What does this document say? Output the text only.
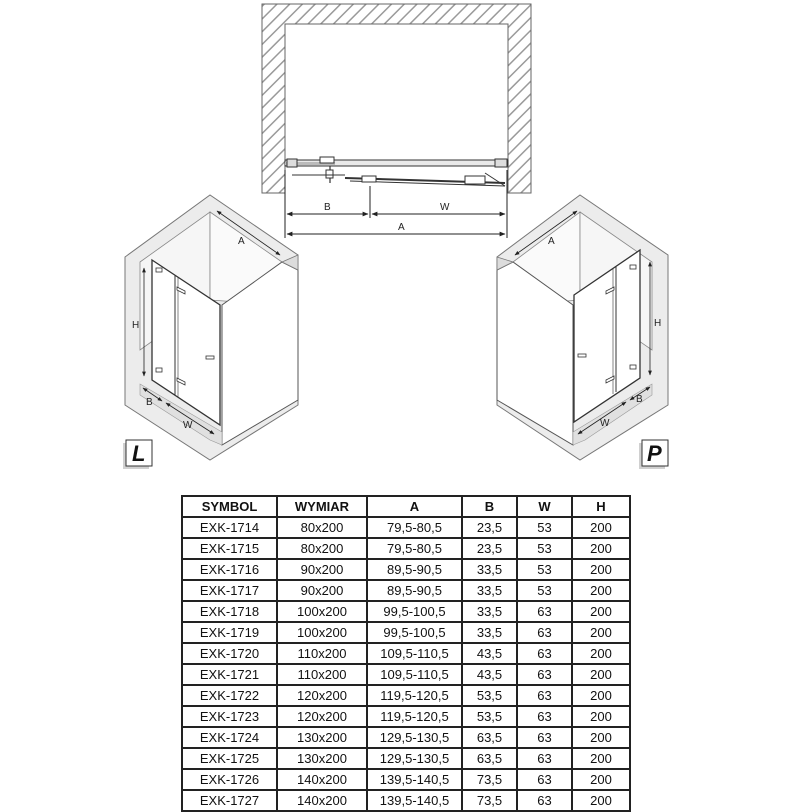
B	W
A
A
H
B
W
L
A
H
B
W
P
SYMBOL	WYMIAR	A	B	W	H
EXK-1714	80x200	79,5-80,5	23,5	53	200
EXK-1715	80x200	79,5-80,5	23,5	53	200
EXK-1716	90x200	89,5-90,5	33,5	53	200
EXK-1717	90x200	89,5-90,5	33,5	53	200
EXK-1718	100x200	99,5-100,5	33,5	63	200
EXK-1719	100x200	99,5-100,5	33,5	63	200
EXK-1720	110x200	109,5-110,5	43,5	63	200
EXK-1721	110x200	109,5-110,5	43,5	63	200
EXK-1722	120x200	119,5-120,5	53,5	63	200
EXK-1723	120x200	119,5-120,5	53,5	63	200
EXK-1724	130x200	129,5-130,5	63,5	63	200
EXK-1725	130x200	129,5-130,5	63,5	63	200
EXK-1726	140x200	139,5-140,5	73,5	63	200
EXK-1727	140x200	139,5-140,5	73,5	63	200
